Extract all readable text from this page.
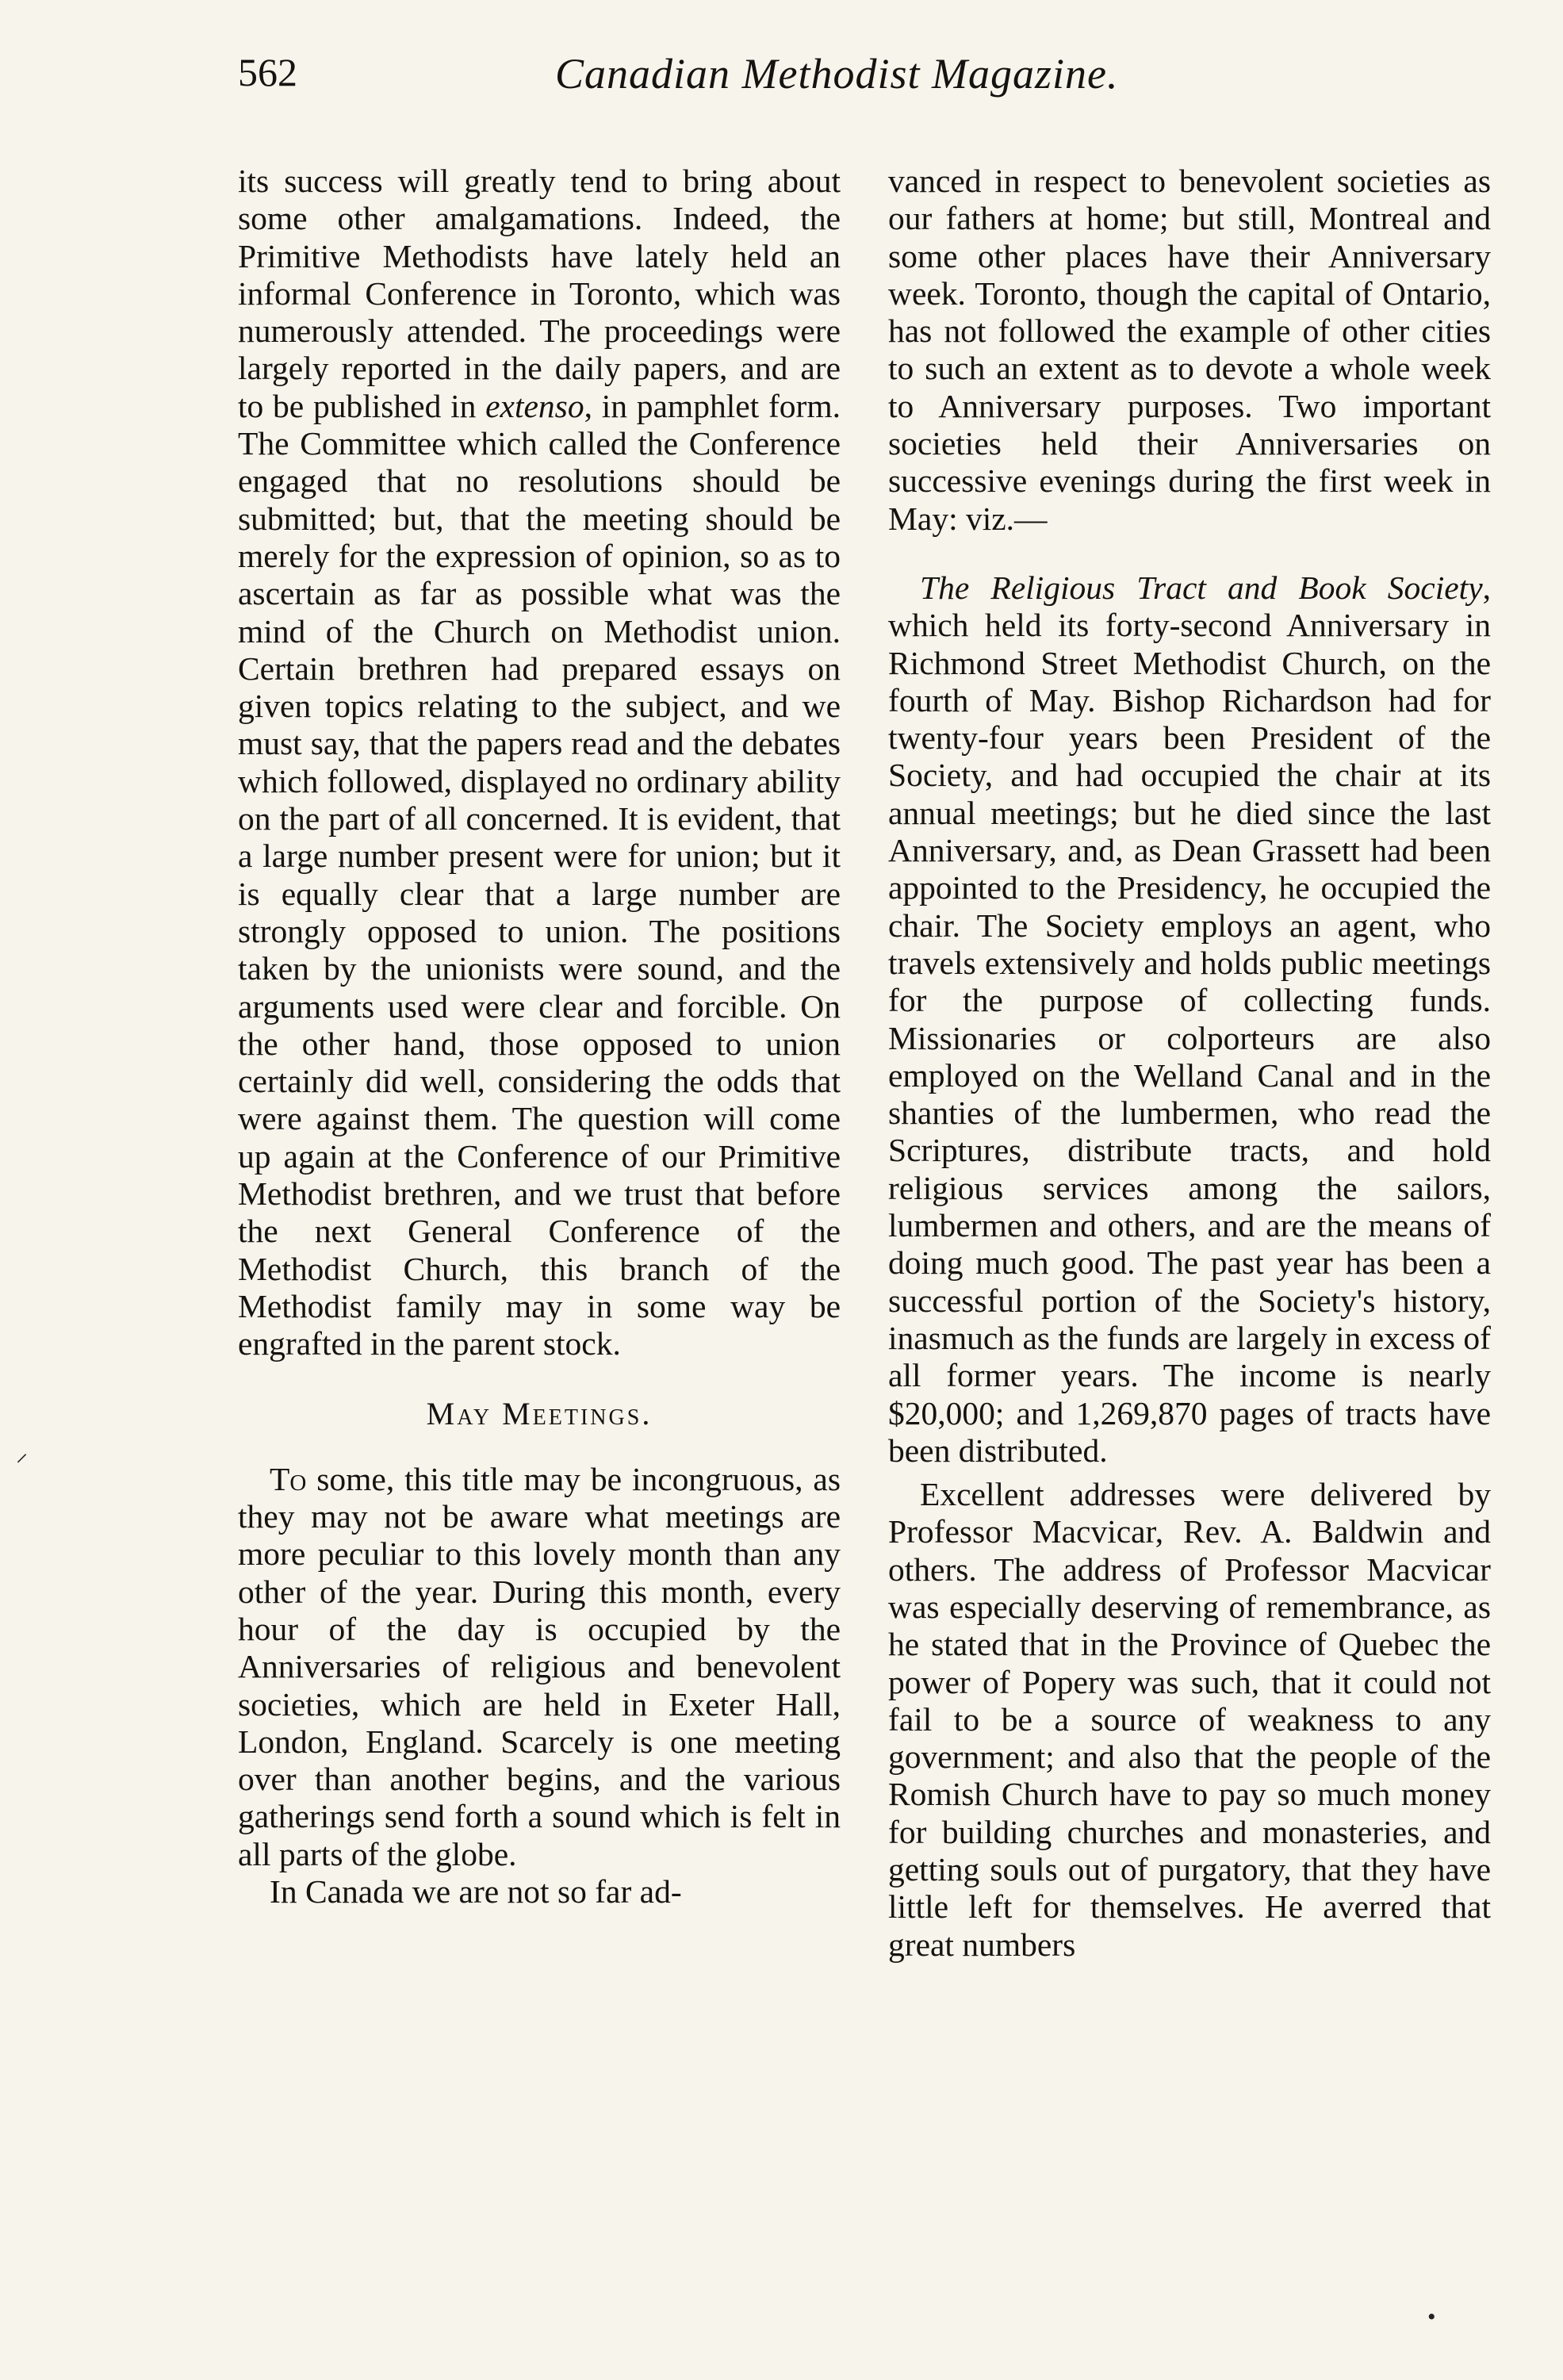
562	Canadian Methodist Magazine.

its success will greatly tend to bring about some other amalgamations. Indeed, the Primitive Methodists have lately held an informal Conference in Toronto, which was numerously attended. The proceedings were largely reported in the daily papers, and are to be published in extenso, in pamphlet form. The Committee which called the Conference engaged that no resolutions should be submitted; but, that the meeting should be merely for the expression of opinion, so as to ascertain as far as possible what was the mind of the Church on Methodist union. Certain brethren had prepared essays on given topics relating to the subject, and we must say, that the papers read and the debates which followed, displayed no ordinary ability on the part of all concerned. It is evident, that a large number present were for union; but it is equally clear that a large number are strongly opposed to union. The positions taken by the unionists were sound, and the arguments used were clear and forcible. On the other hand, those opposed to union certainly did well, considering the odds that were against them. The question will come up again at the Conference of our Primitive Methodist brethren, and we trust that before the next General Conference of the Methodist Church, this branch of the Methodist family may in some way be engrafted in the parent stock.

May Meetings.

To some, this title may be incongruous, as they may not be aware what meetings are more peculiar to this lovely month than any other of the year. During this month, every hour of the day is occupied by the Anniversaries of religious and benevolent societies, which are held in Exeter Hall, London, England. Scarcely is one meeting over than another begins, and the various gatherings send forth a sound which is felt in all parts of the globe.

In Canada we are not so far ad-

vanced in respect to benevolent societies as our fathers at home; but still, Montreal and some other places have their Anniversary week. Toronto, though the capital of Ontario, has not followed the example of other cities to such an extent as to devote a whole week to Anniversary purposes. Two important societies held their Anniversaries on successive evenings during the first week in May: viz.—

The Religious Tract and Book Society, which held its forty-second Anniversary in Richmond Street Methodist Church, on the fourth of May. Bishop Richardson had for twenty-four years been President of the Society, and had occupied the chair at its annual meetings; but he died since the last Anniversary, and, as Dean Grassett had been appointed to the Presidency, he occupied the chair. The Society employs an agent, who travels extensively and holds public meetings for the purpose of collecting funds. Missionaries or colporteurs are also employed on the Welland Canal and in the shanties of the lumbermen, who read the Scriptures, distribute tracts, and hold religious services among the sailors, lumbermen and others, and are the means of doing much good. The past year has been a successful portion of the Society's history, inasmuch as the funds are largely in excess of all former years. The income is nearly $20,000; and 1,269,870 pages of tracts have been distributed.

Excellent addresses were delivered by Professor Macvicar, Rev. A. Baldwin and others. The address of Professor Macvicar was especially deserving of remembrance, as he stated that in the Province of Quebec the power of Popery was such, that it could not fail to be a source of weakness to any government; and also that the people of the Romish Church have to pay so much money for building churches and monasteries, and getting souls out of purgatory, that they have little left for themselves. He averred that great numbers

⸝
•
